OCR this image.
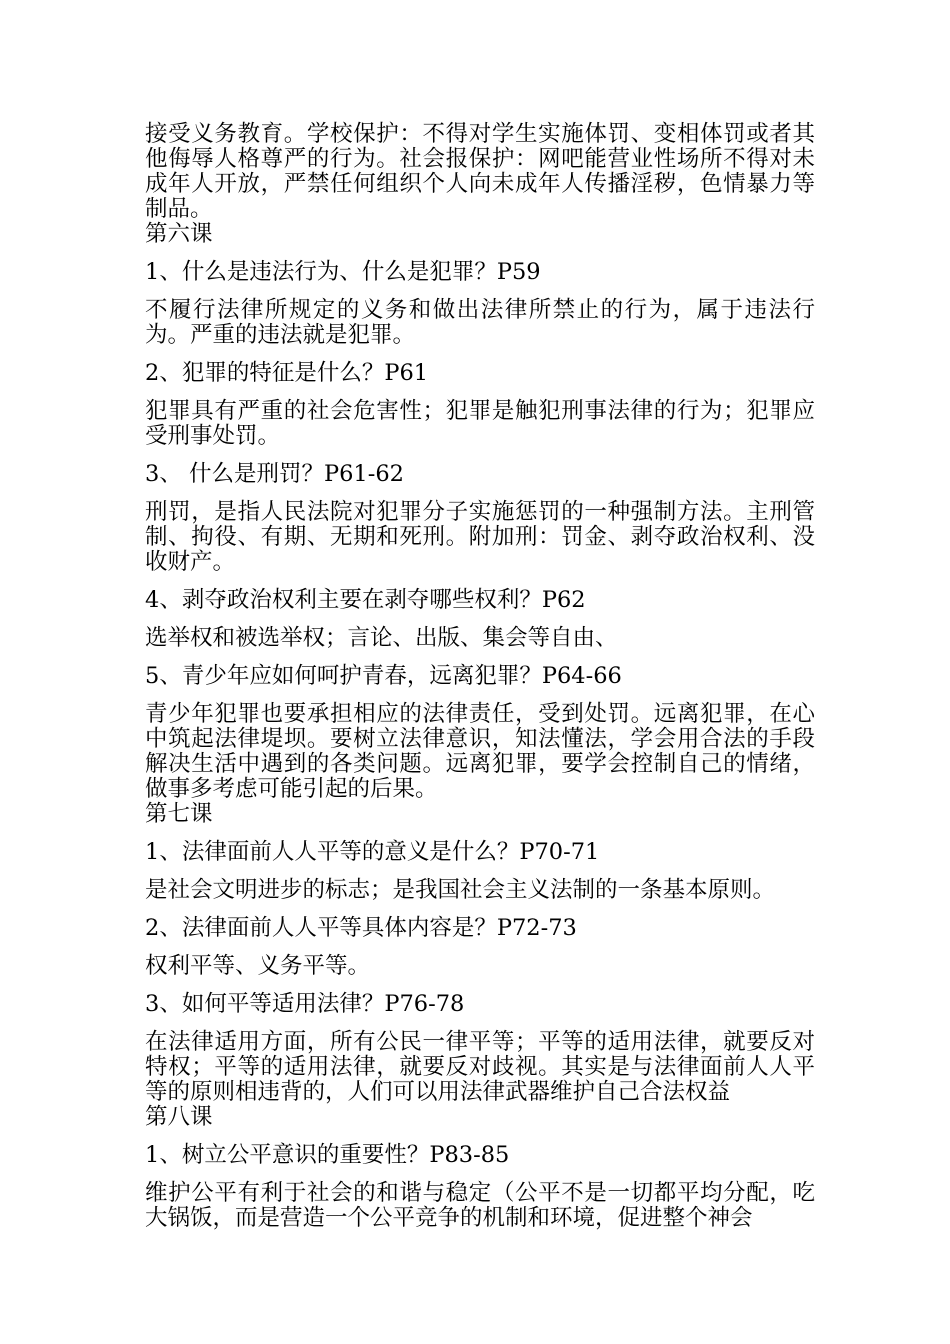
接受义务教育。学校保护：不得对学生实施体罚、变相体罚或者其他侮辱人格尊严的行为。社会报保护：网吧能营业性场所不得对未成年人开放，严禁任何组织个人向未成年人传播淫秽，色情暴力等制品。

第六课

1、什么是违法行为、什么是犯罪？P59

不履行法律所规定的义务和做出法律所禁止的行为，属于违法行为。严重的违法就是犯罪。

2、犯罪的特征是什么？P61

犯罪具有严重的社会危害性；犯罪是触犯刑事法律的行为；犯罪应受刑事处罚。

3、 什么是刑罚？P61-62

刑罚，是指人民法院对犯罪分子实施惩罚的一种强制方法。主刑管制、拘役、有期、无期和死刑。附加刑：罚金、剥夺政治权利、没收财产。

4、剥夺政治权利主要在剥夺哪些权利？P62

选举权和被选举权；言论、出版、集会等自由、

5、青少年应如何呵护青春，远离犯罪？P64-66

青少年犯罪也要承担相应的法律责任，受到处罚。远离犯罪，在心中筑起法律堤坝。要树立法律意识，知法懂法，学会用合法的手段解决生活中遇到的各类问题。远离犯罪，要学会控制自己的情绪，做事多考虑可能引起的后果。

第七课

1、法律面前人人平等的意义是什么？P70-71

是社会文明进步的标志；是我国社会主义法制的一条基本原则。

2、法律面前人人平等具体内容是？P72-73

权利平等、义务平等。

3、如何平等适用法律？P76-78

在法律适用方面，所有公民一律平等；平等的适用法律，就要反对特权；平等的适用法律，就要反对歧视。其实是与法律面前人人平等的原则相违背的，人们可以用法律武器维护自己合法权益

第八课

1、树立公平意识的重要性？P83-85

维护公平有利于社会的和谐与稳定（公平不是一切都平均分配，吃大锅饭，而是营造一个公平竞争的机制和环境，促进整个神会
